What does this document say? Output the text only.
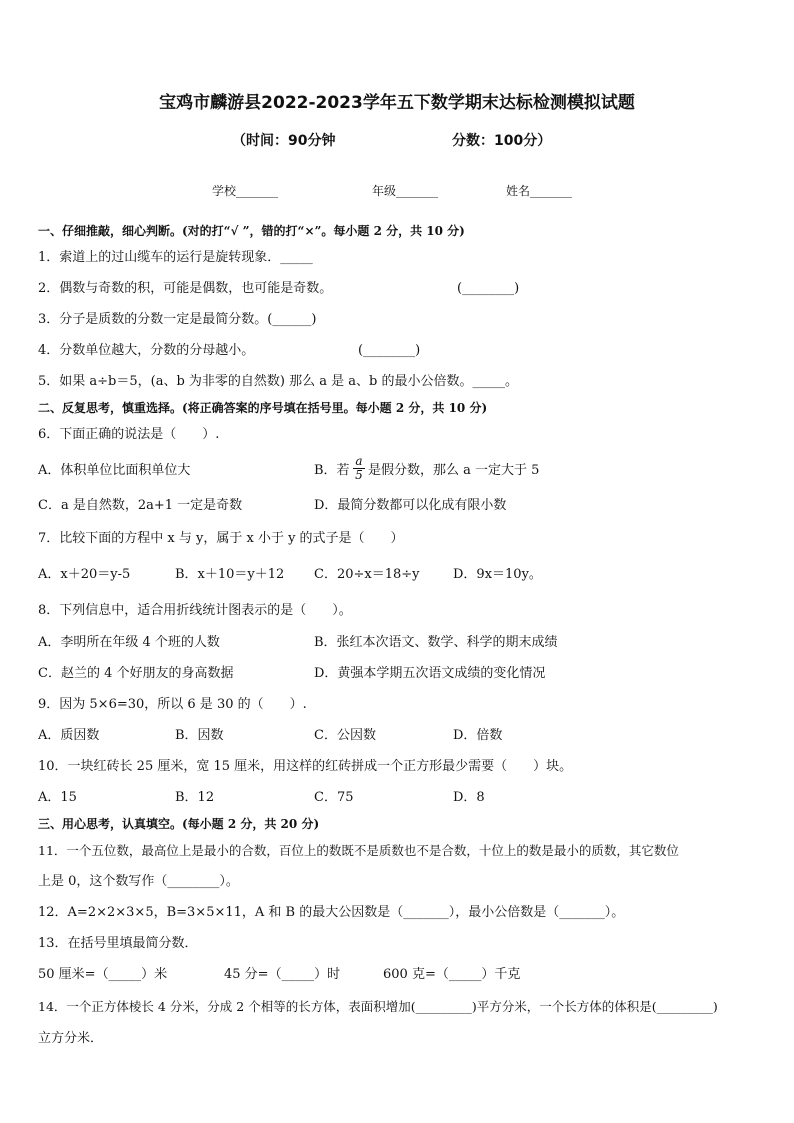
宝鸡市麟游县2022-2023学年五下数学期末达标检测模拟试题
（时间：90分钟	分数：100分）
学校_______	年级_______	姓名_______
一、仔细推敲，细心判断。(对的打“√ ”，错的打“×”。每小题 2 分，共 10 分)
1．索道上的过山缆车的运行是旋转现象．_____
2．偶数与奇数的积，可能是偶数，也可能是奇数。	(________)
3．分子是质数的分数一定是最简分数。(______)
4．分数单位越大，分数的分母越小。	(________)
5．如果 a÷b＝5，(a、b 为非零的自然数) 那么 a 是 a、b 的最小公倍数。_____。
二、反复思考，慎重选择。(将正确答案的序号填在括号里。每小题 2 分，共 10 分)
6．下面正确的说法是（　　）.
A．体积单位比面积单位大	B．若 $\frac{a}{5}$ 是假分数，那么 a 一定大于 5
C．a 是自然数，2a+1 一定是奇数	D．最简分数都可以化成有限小数
7．比较下面的方程中 x 与 y，属于 x 小于 y 的式子是（　　）
A．x＋20＝y-5	B．x＋10＝y＋12 C．20÷x＝18÷y	D．9x＝10y。
8．下列信息中，适合用折线统计图表示的是（　　）。
A．李明所在年级 4 个班的人数	B．张红本次语文、数学、科学的期末成绩
C．赵兰的 4 个好朋友的身高数据	D．黄强本学期五次语文成绩的变化情况
9．因为 5×6=30，所以 6 是 30 的（　　）.
A．质因数	B．因数	C．公因数	D．倍数
10．一块红砖长 25 厘米，宽 15 厘米，用这样的红砖拼成一个正方形最少需要（　　）块。
A．15	B．12	C．75	D．8
三、用心思考，认真填空。(每小题 2 分，共 20 分)
11．一个五位数，最高位上是最小的合数，百位上的数既不是质数也不是合数，十位上的数是最小的质数，其它数位
上是 0，这个数写作（________）。
12．A=2×2×3×5，B=3×5×11，A 和 B 的最大公因数是（_______），最小公倍数是（_______）。
13．在括号里填最简分数．
50 厘米=（_____）米	45 分=（_____）时	600 克=（_____）千克
14．一个正方体棱长 4 分米，分成 2 个相等的长方体，表面积增加(_________)平方分米，一个长方体的体积是(_________)
立方分米．
